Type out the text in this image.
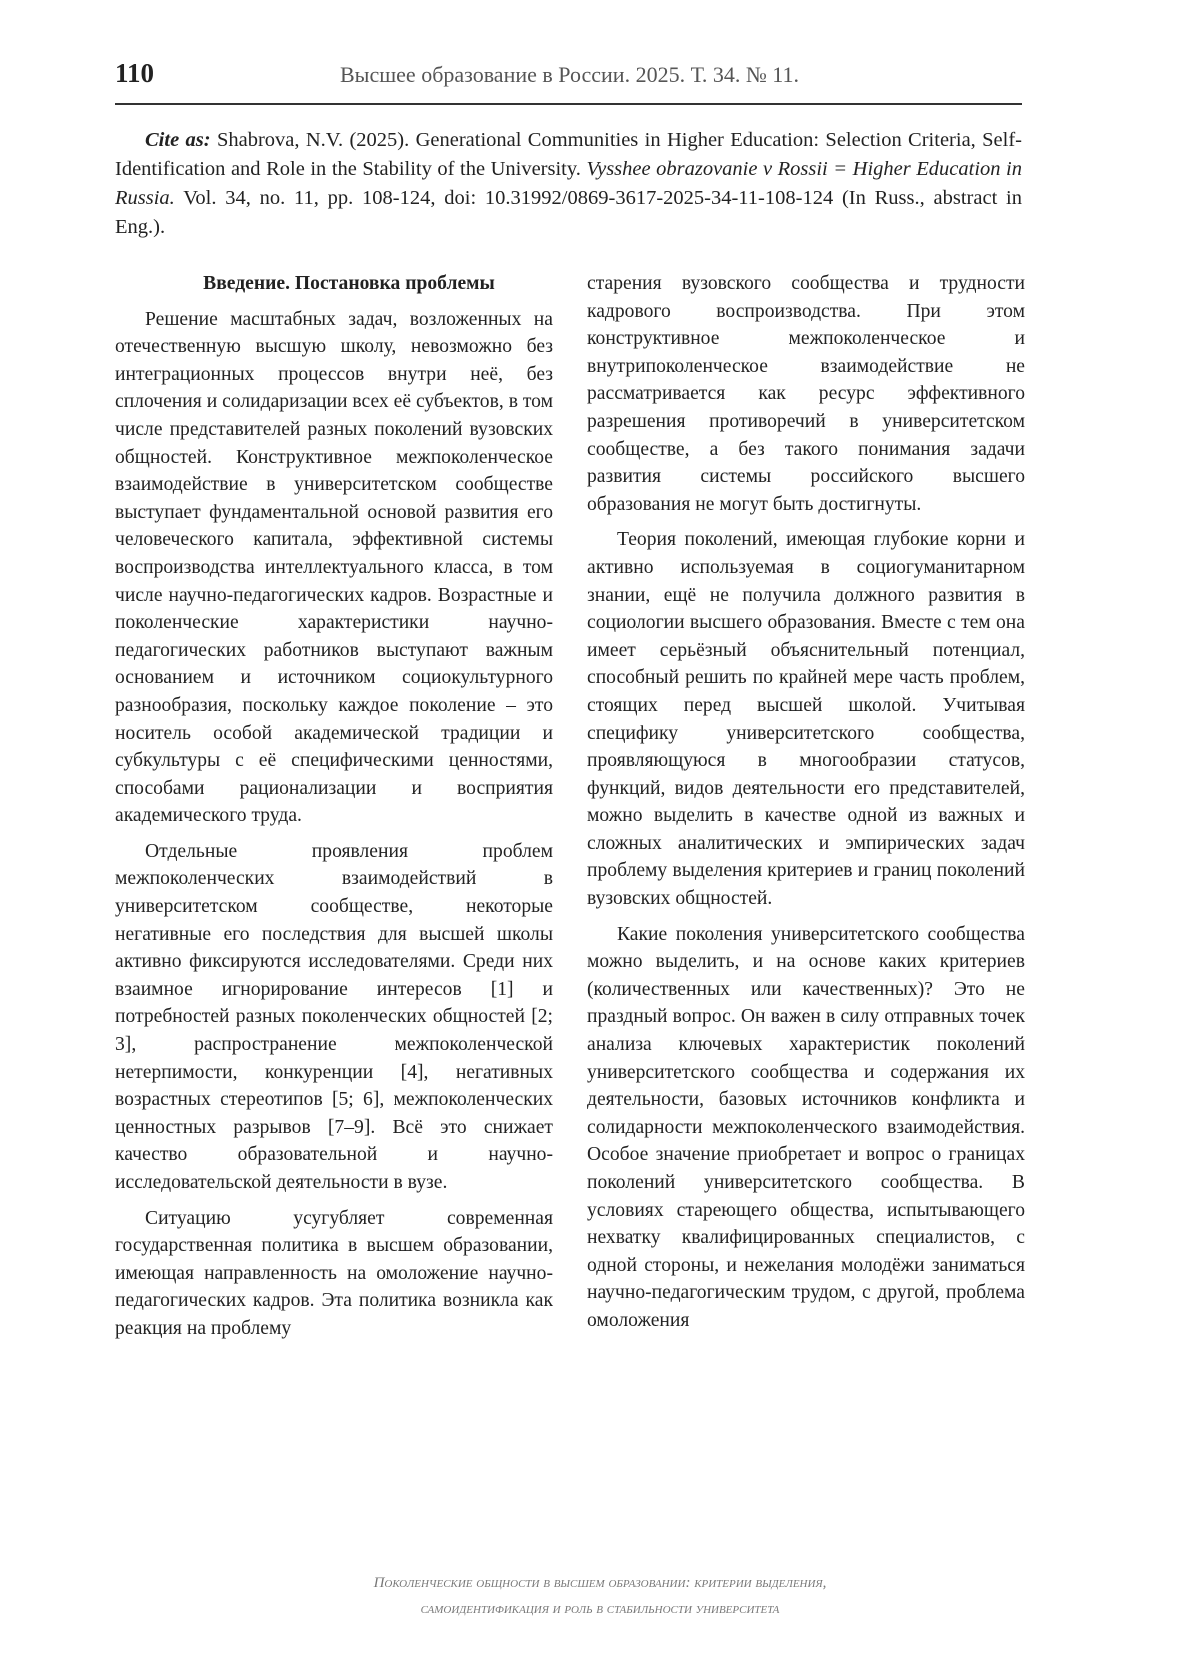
110	Высшее образование в России. 2025. Т. 34. № 11.
Cite as: Shabrova, N.V. (2025). Generational Communities in Higher Education: Selection Criteria, Self-Identification and Role in the Stability of the University. Vysshee obrazovanie v Rossii = Higher Education in Russia. Vol. 34, no. 11, pp. 108-124, doi: 10.31992/0869-3617-2025-34-11-108-124 (In Russ., abstract in Eng.).

Введение. Постановка проблемы

Решение масштабных задач, возложенных на отечественную высшую школу, невозможно без интеграционных процессов внутри неё, без сплочения и солидаризации всех её субъектов, в том числе представителей разных поколений вузовских общностей. Конструктивное межпоколенческое взаимодействие в университетском сообществе выступает фундаментальной основой развития его человеческого капитала, эффективной системы воспроизводства интеллектуального класса, в том числе научно-педагогических кадров. Возрастные и поколенческие характеристики научно-педагогических работников выступают важным основанием и источником социокультурного разнообразия, поскольку каждое поколение – это носитель особой академической традиции и субкультуры с её специфическими ценностями, способами рационализации и восприятия академического труда.

Отдельные проявления проблем межпоколенческих взаимодействий в университетском сообществе, некоторые негативные его последствия для высшей школы активно фиксируются исследователями. Среди них взаимное игнорирование интересов [1] и потребностей разных поколенческих общностей [2; 3], распространение межпоколенческой нетерпимости, конкуренции [4], негативных возрастных стереотипов [5; 6], межпоколенческих ценностных разрывов [7–9]. Всё это снижает качество образовательной и научно-исследовательской деятельности в вузе.

Ситуацию усугубляет современная государственная политика в высшем образовании, имеющая направленность на омоложение научно-педагогических кадров. Эта политика возникла как реакция на проблему

старения вузовского сообщества и трудности кадрового воспроизводства. При этом конструктивное межпоколенческое и внутрипоколенческое взаимодействие не рассматривается как ресурс эффективного разрешения противоречий в университетском сообществе, а без такого понимания задачи развития системы российского высшего образования не могут быть достигнуты.

Теория поколений, имеющая глубокие корни и активно используемая в социогуманитарном знании, ещё не получила должного развития в социологии высшего образования. Вместе с тем она имеет серьёзный объяснительный потенциал, способный решить по крайней мере часть проблем, стоящих перед высшей школой. Учитывая специфику университетского сообщества, проявляющуюся в многообразии статусов, функций, видов деятельности его представителей, можно выделить в качестве одной из важных и сложных аналитических и эмпирических задач проблему выделения критериев и границ поколений вузовских общностей.

Какие поколения университетского сообщества можно выделить, и на основе каких критериев (количественных или качественных)? Это не праздный вопрос. Он важен в силу отправных точек анализа ключевых характеристик поколений университетского сообщества и содержания их деятельности, базовых источников конфликта и солидарности межпоколенческого взаимодействия. Особое значение приобретает и вопрос о границах поколений университетского сообщества. В условиях стареющего общества, испытывающего нехватку квалифицированных специалистов, с одной стороны, и нежелания молодёжи заниматься научно-педагогическим трудом, с другой, проблема омоложения

Поколенческие общности в высшем образовании: критерии выделения,
самоидентификация и роль в стабильности университета
